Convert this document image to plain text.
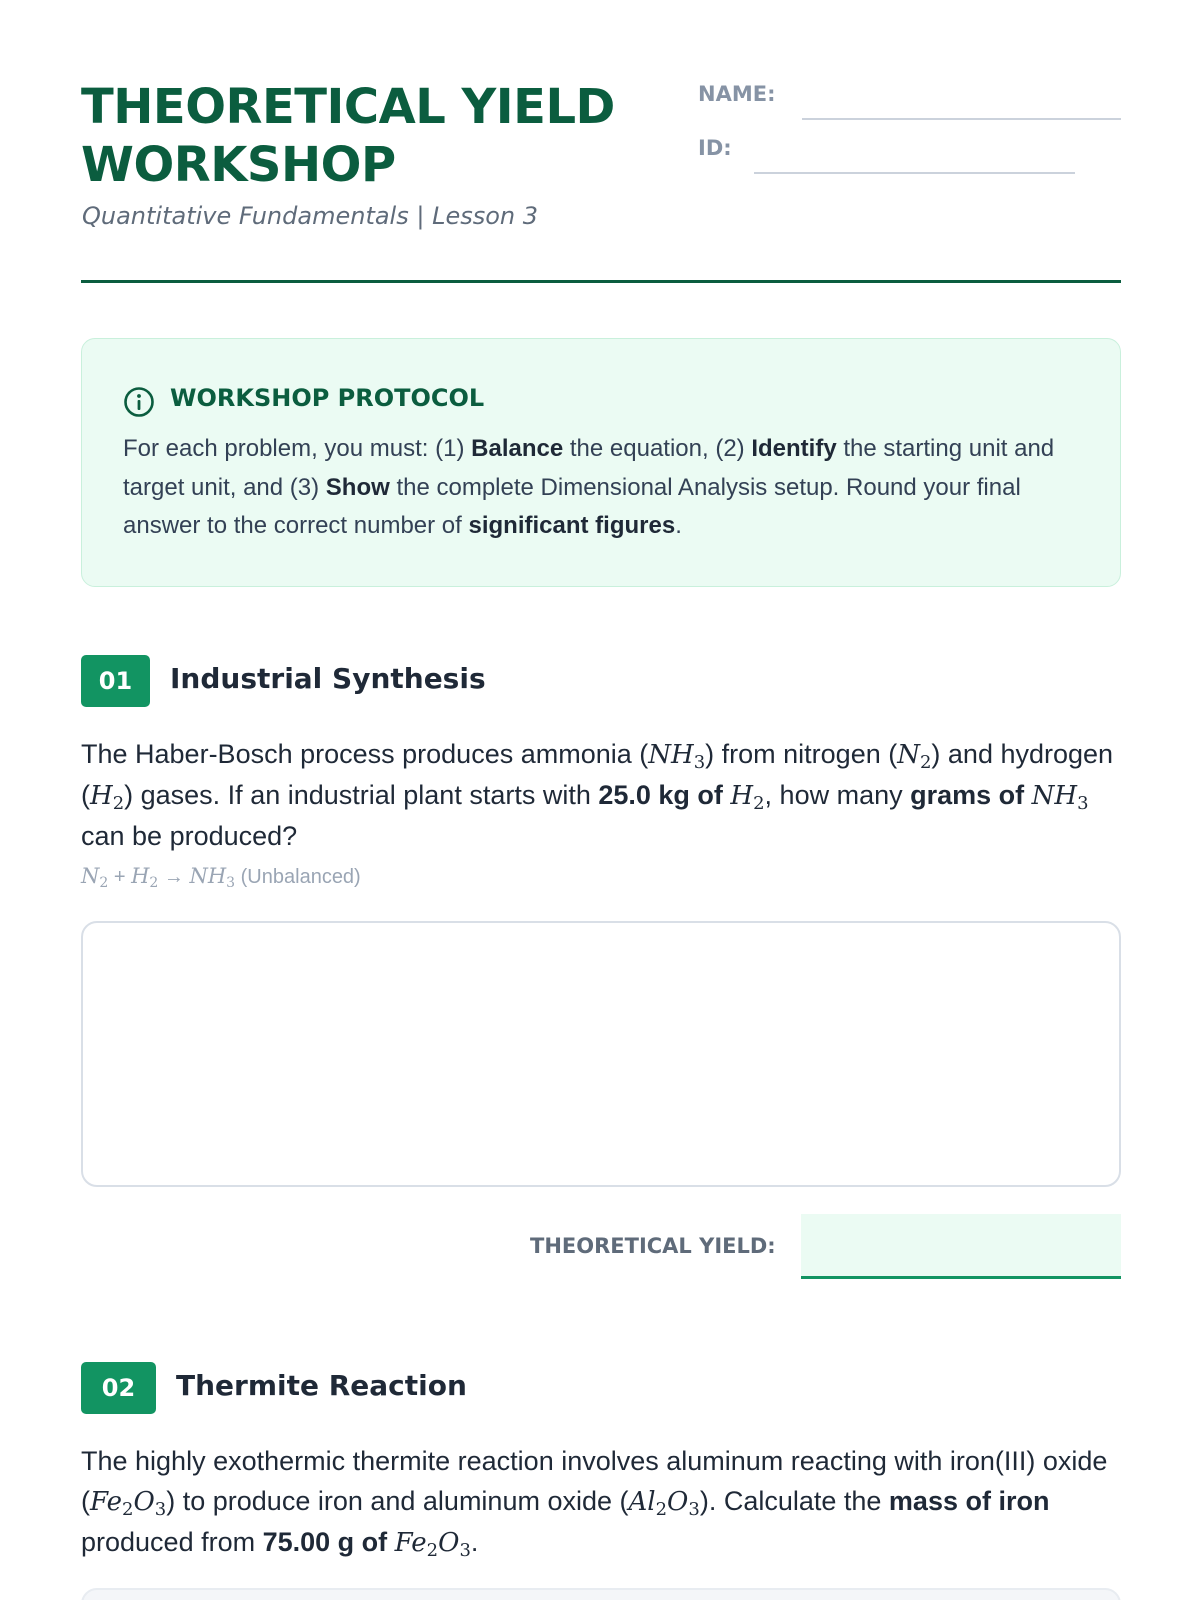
THEORETICAL YIELD WORKSHOP
Quantitative Fundamentals | Lesson 3
NAME:
ID:
WORKSHOP PROTOCOL
For each problem, you must: (1) Balance the equation, (2) Identify the starting unit and target unit, and (3) Show the complete Dimensional Analysis setup. Round your final answer to the correct number of significant figures.
01	Industrial Synthesis
The Haber-Bosch process produces ammonia $(NH_3)$ from nitrogen $(N_2)$ and hydrogen $(H_2)$ gases. If an industrial plant starts with 25.0 kg of $H_2$, how many grams of $NH_3$ can be produced?
$N_2 + H_2 \to NH_3$ (Unbalanced)
THEORETICAL YIELD:
02	Thermite Reaction
The highly exothermic thermite reaction involves aluminum reacting with iron(III) oxide $(Fe_2O_3)$ to produce iron and aluminum oxide $(Al_2O_3)$. Calculate the mass of iron produced from 75.00 g of $Fe_2O_3$.
